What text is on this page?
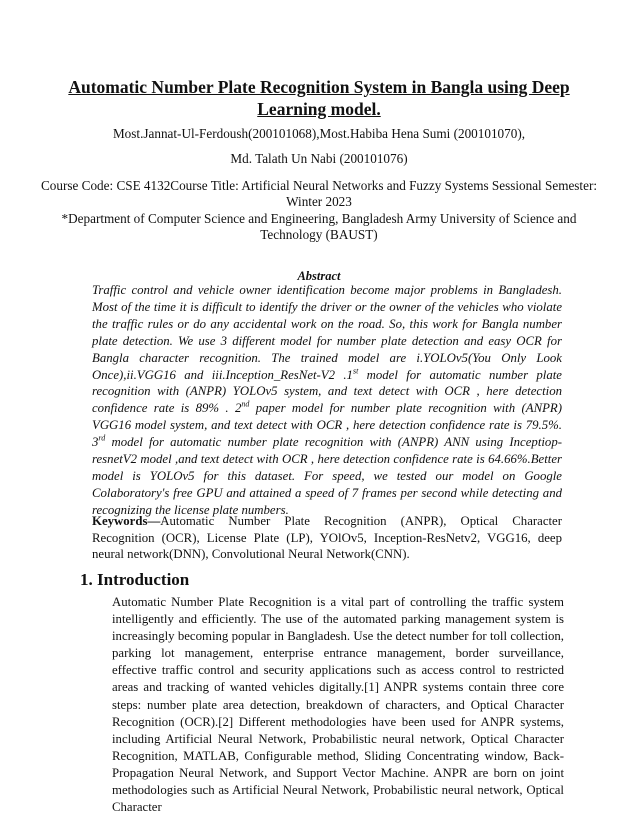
Automatic Number Plate Recognition System in Bangla using Deep Learning model.
Most.Jannat-Ul-Ferdoush(200101068),Most.Habiba Hena Sumi (200101070),
Md. Talath Un Nabi (200101076)
Course Code: CSE 4132Course Title: Artificial Neural Networks and Fuzzy Systems Sessional Semester: Winter 2023
*Department of Computer Science and Engineering, Bangladesh Army University of Science and Technology (BAUST)
Abstract

Traffic control and vehicle owner identification become major problems in Bangladesh. Most of the time it is difficult to identify the driver or the owner of the vehicles who violate the traffic rules or do any accidental work on the road. So, this work for Bangla number plate detection. We use 3 different model for number plate detection and easy OCR for Bangla character recognition. The trained model are i.YOLOv5(You Only Look Once),ii.VGG16 and iii.Inception_ResNet-V2 .1st model for automatic number plate recognition with (ANPR) YOLOv5 system, and text detect with OCR , here detection confidence rate is 89% . 2nd paper model for number plate recognition with (ANPR) VGG16 model system, and text detect with OCR , here detection confidence rate is 79.5%. 3rd model for automatic number plate recognition with (ANPR) ANN using Inceptiop-resnetV2 model ,and text detect with OCR , here detection confidence rate is 64.66%.Better model is YOLOv5 for this dataset. For speed, we tested our model on Google Colaboratory's free GPU and attained a speed of 7 frames per second while detecting and recognizing the license plate numbers.

Keywords—Automatic Number Plate Recognition (ANPR), Optical Character Recognition (OCR), License Plate (LP), YOlOv5, Inception-ResNetv2, VGG16, deep neural network(DNN), Convolutional Neural Network(CNN).

1. Introduction

Automatic Number Plate Recognition is a vital part of controlling the traffic system intelligently and efficiently. The use of the automated parking management system is increasingly becoming popular in Bangladesh. Use the detect number for toll collection, parking lot management, enterprise entrance management, border surveillance, effective traffic control and security applications such as access control to restricted areas and tracking of wanted vehicles digitally.[1] ANPR systems contain three core steps: number plate area detection, breakdown of characters, and Optical Character Recognition (OCR).[2] Different methodologies have been used for ANPR systems, including Artificial Neural Network, Probabilistic neural network, Optical Character Recognition, MATLAB, Configurable method, Sliding Concentrating window, Back-Propagation Neural Network, and Support Vector Machine. ANPR are born on joint methodologies such as Artificial Neural Network, Probabilistic neural network, Optical Character
